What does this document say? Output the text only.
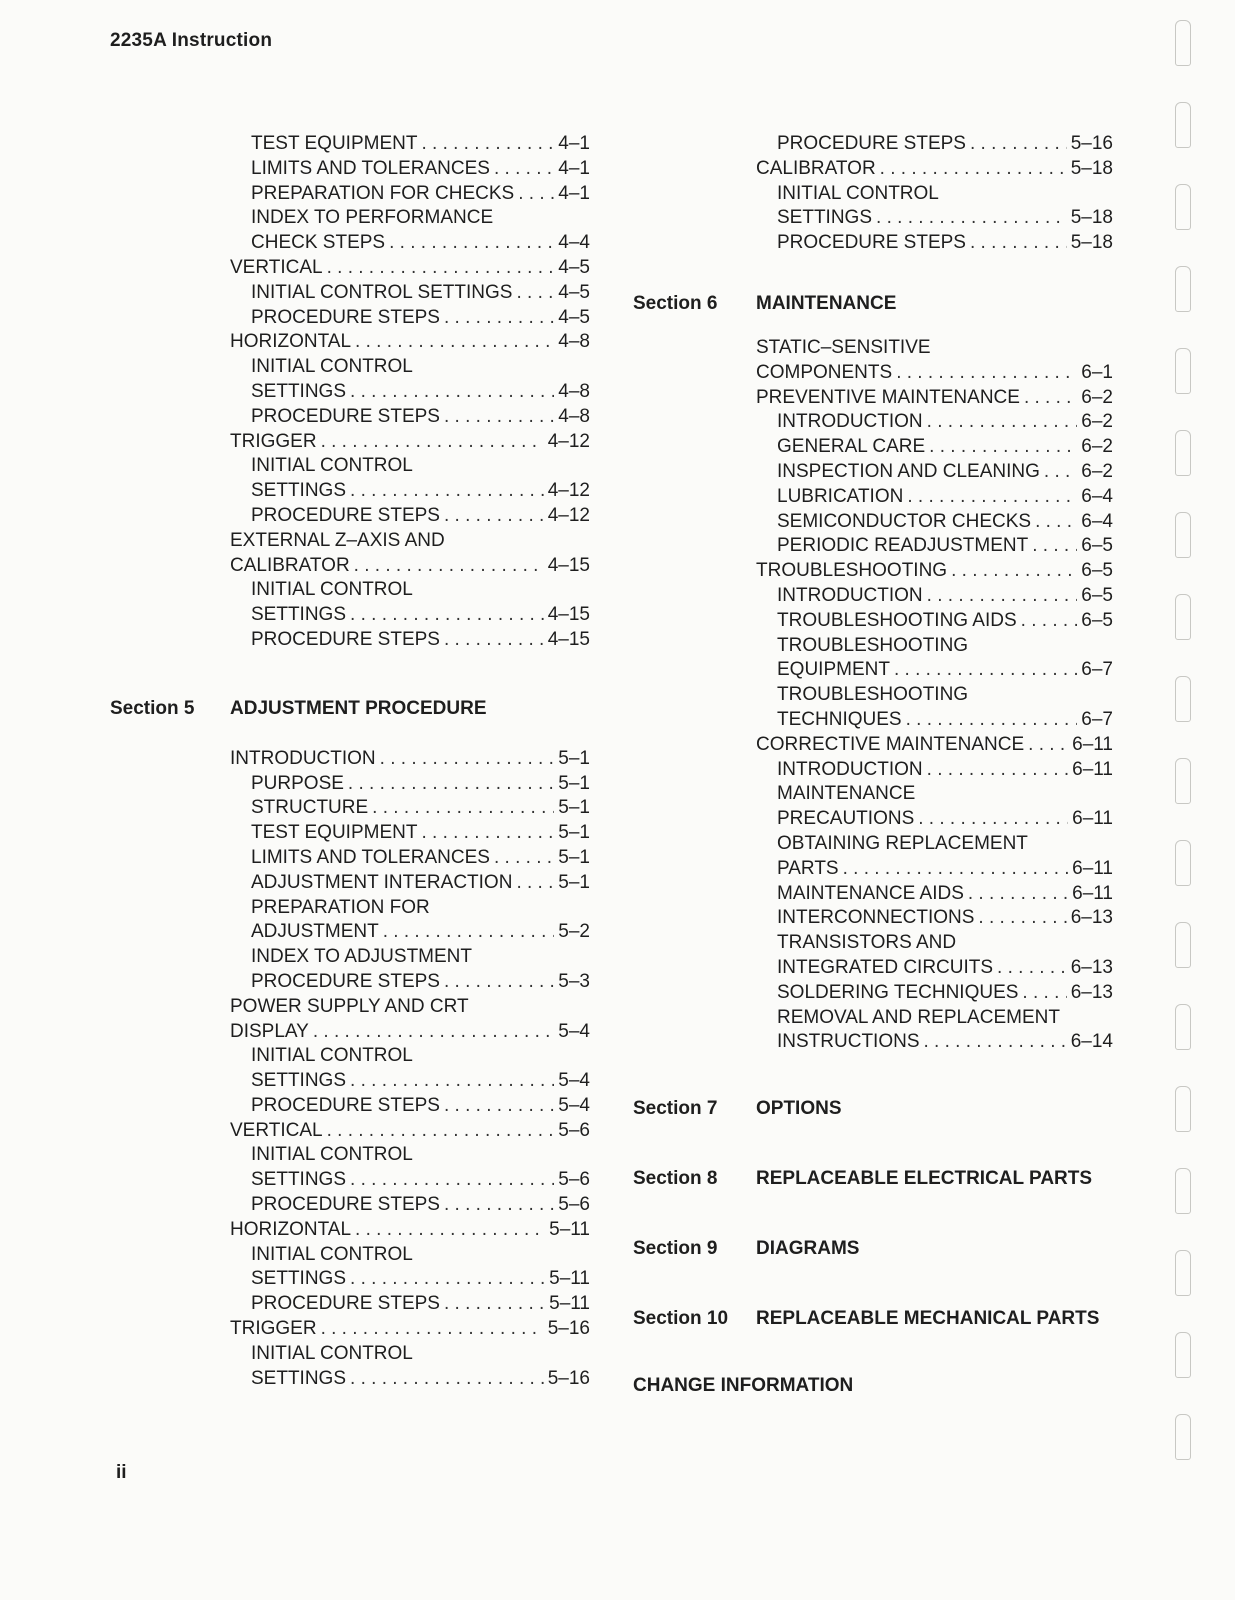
2235A Instruction
TEST EQUIPMENT . . .	4–1
LIMITS AND TOLERANCES . . .	4–1
PREPARATION FOR CHECKS . . . 4–1
INDEX TO PERFORMANCE
CHECK STEPS . . .	4–4
VERTICAL . . .	4–5
INITIAL CONTROL SETTINGS . . . 4–5
PROCEDURE STEPS . . .	4–5
HORIZONTAL . . .	4–8
INITIAL CONTROL
SETTINGS . . .	4–8
PROCEDURE STEPS . . .	4–8
TRIGGER . . .	4–12
INITIAL CONTROL
SETTINGS . . .	4–12
PROCEDURE STEPS . . .	4–12
EXTERNAL Z–AXIS AND
CALIBRATOR . . .	4–15
INITIAL CONTROL
SETTINGS . . .	4–15
PROCEDURE STEPS . . .	4–15
Section 5	ADJUSTMENT PROCEDURE
INTRODUCTION . . .	5–1
PURPOSE . . .	5–1
STRUCTURE . . .	5–1
TEST EQUIPMENT . . .	5–1
LIMITS AND TOLERANCES . . .	5–1
ADJUSTMENT INTERACTION . . . 5–1
PREPARATION FOR
ADJUSTMENT . . .	5–2
INDEX TO ADJUSTMENT
PROCEDURE STEPS . . .	5–3
POWER SUPPLY AND CRT
DISPLAY . . .	5–4
INITIAL CONTROL
SETTINGS . . .	5–4
PROCEDURE STEPS . . .	5–4
VERTICAL . . .	5–6
INITIAL CONTROL
SETTINGS . . .	5–6
PROCEDURE STEPS . . .	5–6
HORIZONTAL . . .	5–11
INITIAL CONTROL
SETTINGS . . .	5–11
PROCEDURE STEPS . . .	5–11
TRIGGER . . .	5–16
INITIAL CONTROL
SETTINGS . . .	5–16
PROCEDURE STEPS . . .	5–16
CALIBRATOR . . .	5–18
INITIAL CONTROL
SETTINGS . . .	5–18
PROCEDURE STEPS . . .	5–18
Section 6	MAINTENANCE
STATIC–SENSITIVE
COMPONENTS . . .	6–1
PREVENTIVE MAINTENANCE . . .	6–2
INTRODUCTION . . .	6–2
GENERAL CARE . . .	6–2
INSPECTION AND CLEANING . . . 6–2
LUBRICATION . . .	6–4
SEMICONDUCTOR CHECKS . . .	6–4
PERIODIC READJUSTMENT . . .	6–5
TROUBLESHOOTING . . .	6–5
INTRODUCTION . . .	6–5
TROUBLESHOOTING AIDS . . .	6–5
TROUBLESHOOTING
EQUIPMENT . . .	6–7
TROUBLESHOOTING
TECHNIQUES . . .	6–7
CORRECTIVE MAINTENANCE . . .	6–11
INTRODUCTION . . .	6–11
MAINTENANCE
PRECAUTIONS . . .	6–11
OBTAINING REPLACEMENT
PARTS . . .	6–11
MAINTENANCE AIDS . . .	6–11
INTERCONNECTIONS . . .	6–13
TRANSISTORS AND
INTEGRATED CIRCUITS . . .	6–13
SOLDERING TECHNIQUES . . .	6–13
REMOVAL AND REPLACEMENT
INSTRUCTIONS . . .	6–14
Section 7	OPTIONS
Section 8	REPLACEABLE ELECTRICAL PARTS
Section 9	DIAGRAMS
Section 10	REPLACEABLE MECHANICAL PARTS
CHANGE INFORMATION
ii
